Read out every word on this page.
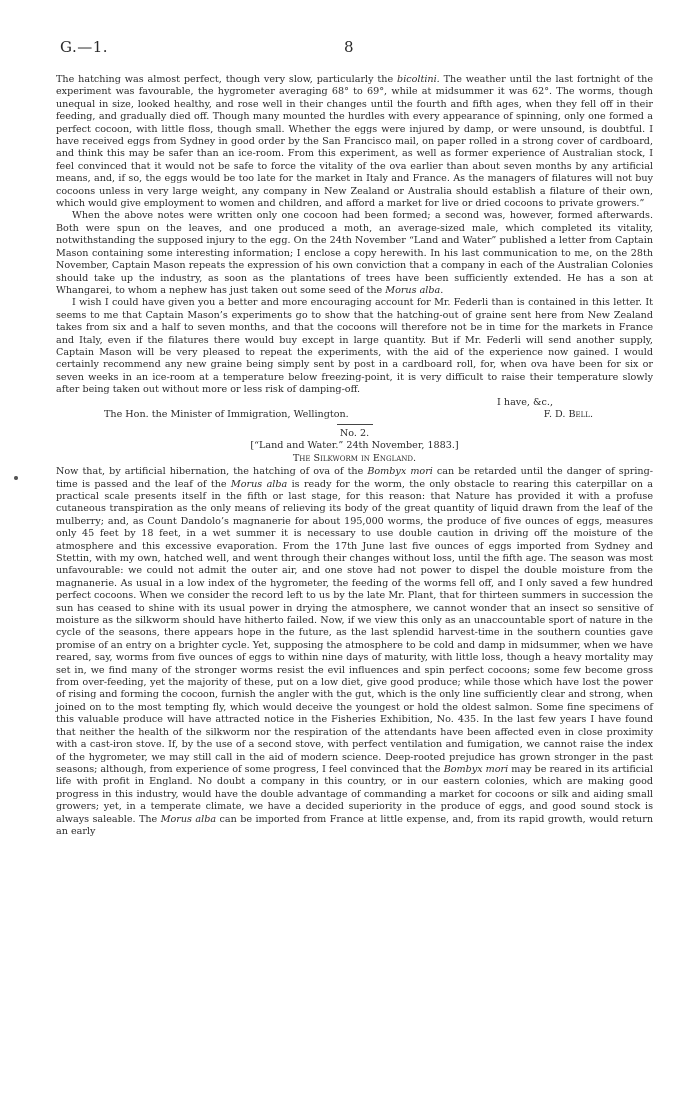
G.—1.	8

The hatching was almost perfect, though very slow, particularly the bicoltini. The weather until the last fortnight of the experiment was favourable, the hygrometer averaging 68° to 69°, while at midsummer it was 62°. The worms, though unequal in size, looked healthy, and rose well in their changes until the fourth and fifth ages, when they fell off in their feeding, and gradually died off. Though many mounted the hurdles with every appearance of spinning, only one formed a perfect cocoon, with little floss, though small. Whether the eggs were injured by damp, or were unsound, is doubtful. I have received eggs from Sydney in good order by the San Francisco mail, on paper rolled in a strong cover of cardboard, and think this may be safer than an ice-room. From this experiment, as well as former experience of Australian stock, I feel convinced that it would not be safe to force the vitality of the ova earlier than about seven months by any artificial means, and, if so, the eggs would be too late for the market in Italy and France. As the managers of filatures will not buy cocoons unless in very large weight, any company in New Zealand or Australia should establish a filature of their own, which would give employment to women and children, and afford a market for live or dried cocoons to private growers.”

When the above notes were written only one cocoon had been formed; a second was, however, formed afterwards. Both were spun on the leaves, and one produced a moth, an average-sized male, which completed its vitality, notwithstanding the supposed injury to the egg. On the 24th November “Land and Water” published a letter from Captain Mason containing some interesting information; I enclose a copy herewith. In his last communication to me, on the 28th November, Captain Mason repeats the expression of his own conviction that a company in each of the Australian Colonies should take up the industry, as soon as the plantations of trees have been sufficiently extended. He has a son at Whangarei, to whom a nephew has just taken out some seed of the Morus alba.

I wish I could have given you a better and more encouraging account for Mr. Federli than is contained in this letter. It seems to me that Captain Mason’s experiments go to show that the hatching-out of graine sent here from New Zealand takes from six and a half to seven months, and that the cocoons will therefore not be in time for the markets in France and Italy, even if the filatures there would buy except in large quantity. But if Mr. Federli will send another supply, Captain Mason will be very pleased to repeat the experiments, with the aid of the experience now gained. I would certainly recommend any new graine being simply sent by post in a cardboard roll, for, when ova have been for six or seven weeks in an ice-room at a temperature below freezing-point, it is very difficult to raise their temperature slowly after being taken out without more or less risk of damping-off.

I have, &c.,
The Hon. the Minister of Immigration, Wellington.	F. D. Bell.
No. 2.
[“Land and Water.” 24th November, 1883.]
The Silkworm in England.

Now that, by artificial hibernation, the hatching of ova of the Bombyx mori can be retarded until the danger of spring-time is passed and the leaf of the Morus alba is ready for the worm, the only obstacle to rearing this caterpillar on a practical scale presents itself in the fifth or last stage, for this reason: that Nature has provided it with a profuse cutaneous transpiration as the only means of relieving its body of the great quantity of liquid drawn from the leaf of the mulberry; and, as Count Dandolo’s magnanerie for about 195,000 worms, the produce of five ounces of eggs, measures only 45 feet by 18 feet, in a wet summer it is necessary to use double caution in driving off the moisture of the atmosphere and this excessive evaporation. From the 17th June last five ounces of eggs imported from Sydney and Stettin, with my own, hatched well, and went through their changes without loss, until the fifth age. The season was most unfavourable: we could not admit the outer air, and one stove had not power to dispel the double moisture from the magnanerie. As usual in a low index of the hygrometer, the feeding of the worms fell off, and I only saved a few hundred perfect cocoons. When we consider the record left to us by the late Mr. Plant, that for thirteen summers in succession the sun has ceased to shine with its usual power in drying the atmosphere, we cannot wonder that an insect so sensitive of moisture as the silkworm should have hitherto failed. Now, if we view this only as an unaccountable sport of nature in the cycle of the seasons, there appears hope in the future, as the last splendid harvest-time in the southern counties gave promise of an entry on a brighter cycle. Yet, supposing the atmosphere to be cold and damp in midsummer, when we have reared, say, worms from five ounces of eggs to within nine days of maturity, with little loss, though a heavy mortality may set in, we find many of the stronger worms resist the evil influences and spin perfect cocoons; some few become gross from over-feeding, yet the majority of these, put on a low diet, give good produce; while those which have lost the power of rising and forming the cocoon, furnish the angler with the gut, which is the only line sufficiently clear and strong, when joined on to the most tempting fly, which would deceive the youngest or hold the oldest salmon. Some fine specimens of this valuable produce will have attracted notice in the Fisheries Exhibition, No. 435. In the last few years I have found that neither the health of the silkworm nor the respiration of the attendants have been affected even in close proximity with a cast-iron stove. If, by the use of a second stove, with perfect ventilation and fumigation, we cannot raise the index of the hygrometer, we may still call in the aid of modern science. Deep-rooted prejudice has grown stronger in the past seasons; although, from experience of some progress, I feel convinced that the Bombyx mori may be reared in its artificial life with profit in England. No doubt a company in this country, or in our eastern colonies, which are making good progress in this industry, would have the double advantage of commanding a market for cocoons or silk and aiding small growers; yet, in a temperate climate, we have a decided superiority in the produce of eggs, and good sound stock is always saleable. The Morus alba can be imported from France at little expense, and, from its rapid growth, would return an early
